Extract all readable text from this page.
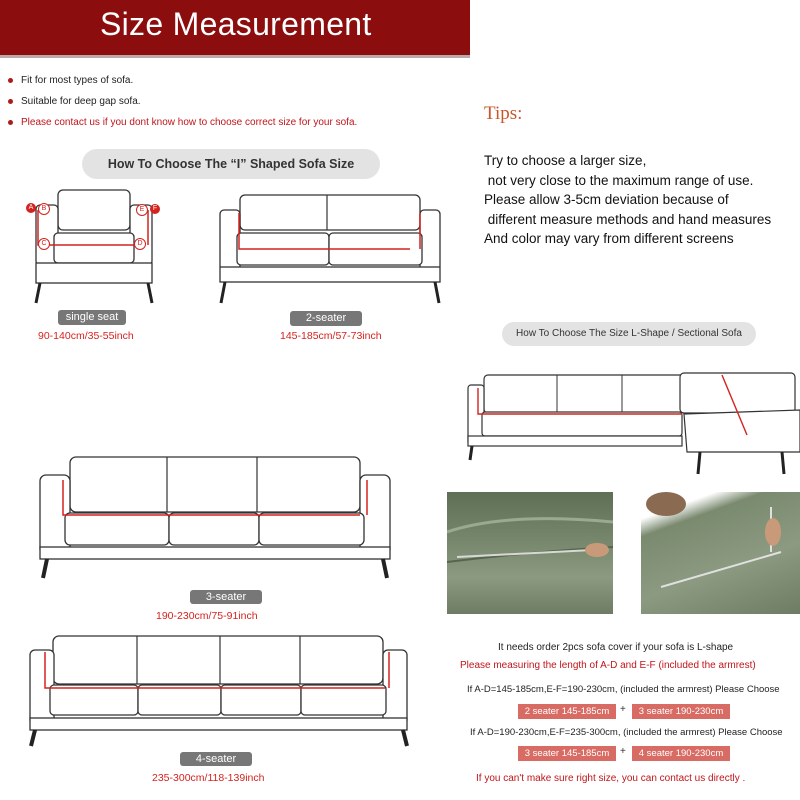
Size Measurement
Fit for most types of sofa.
Suitable for deep gap sofa.
Please contact us if you dont know how to choose correct size for your sofa.	Tips:
Try to choose a larger size,
not very close to the maximum range of use.
Please allow 3-5cm deviation because of
different measure methods and hand measures
And color may vary from different screens
How To Choose The “I” Shaped Sofa Size
A	B
C	D
E	F
single seat
90-140cm/35-55inch
2-seater
145-185cm/57-73inch
3-seater
190-230cm/75-91inch
4-seater
235-300cm/118-139inch
How To Choose The Size L-Shape / Sectional Sofa
It needs order 2pcs sofa cover if your sofa is L-shape
Please measuring the length of A-D and E-F (included the armrest)
If A-D=145-185cm,E-F=190-230cm, (included the armrest) Please Choose
2 seater 145-185cm	+	3 seater 190-230cm
If A-D=190-230cm,E-F=235-300cm, (included the armrest) Please Choose
3 seater 145-185cm	+	4 seater 190-230cm
If you can't make sure right size, you can contact us directly .
